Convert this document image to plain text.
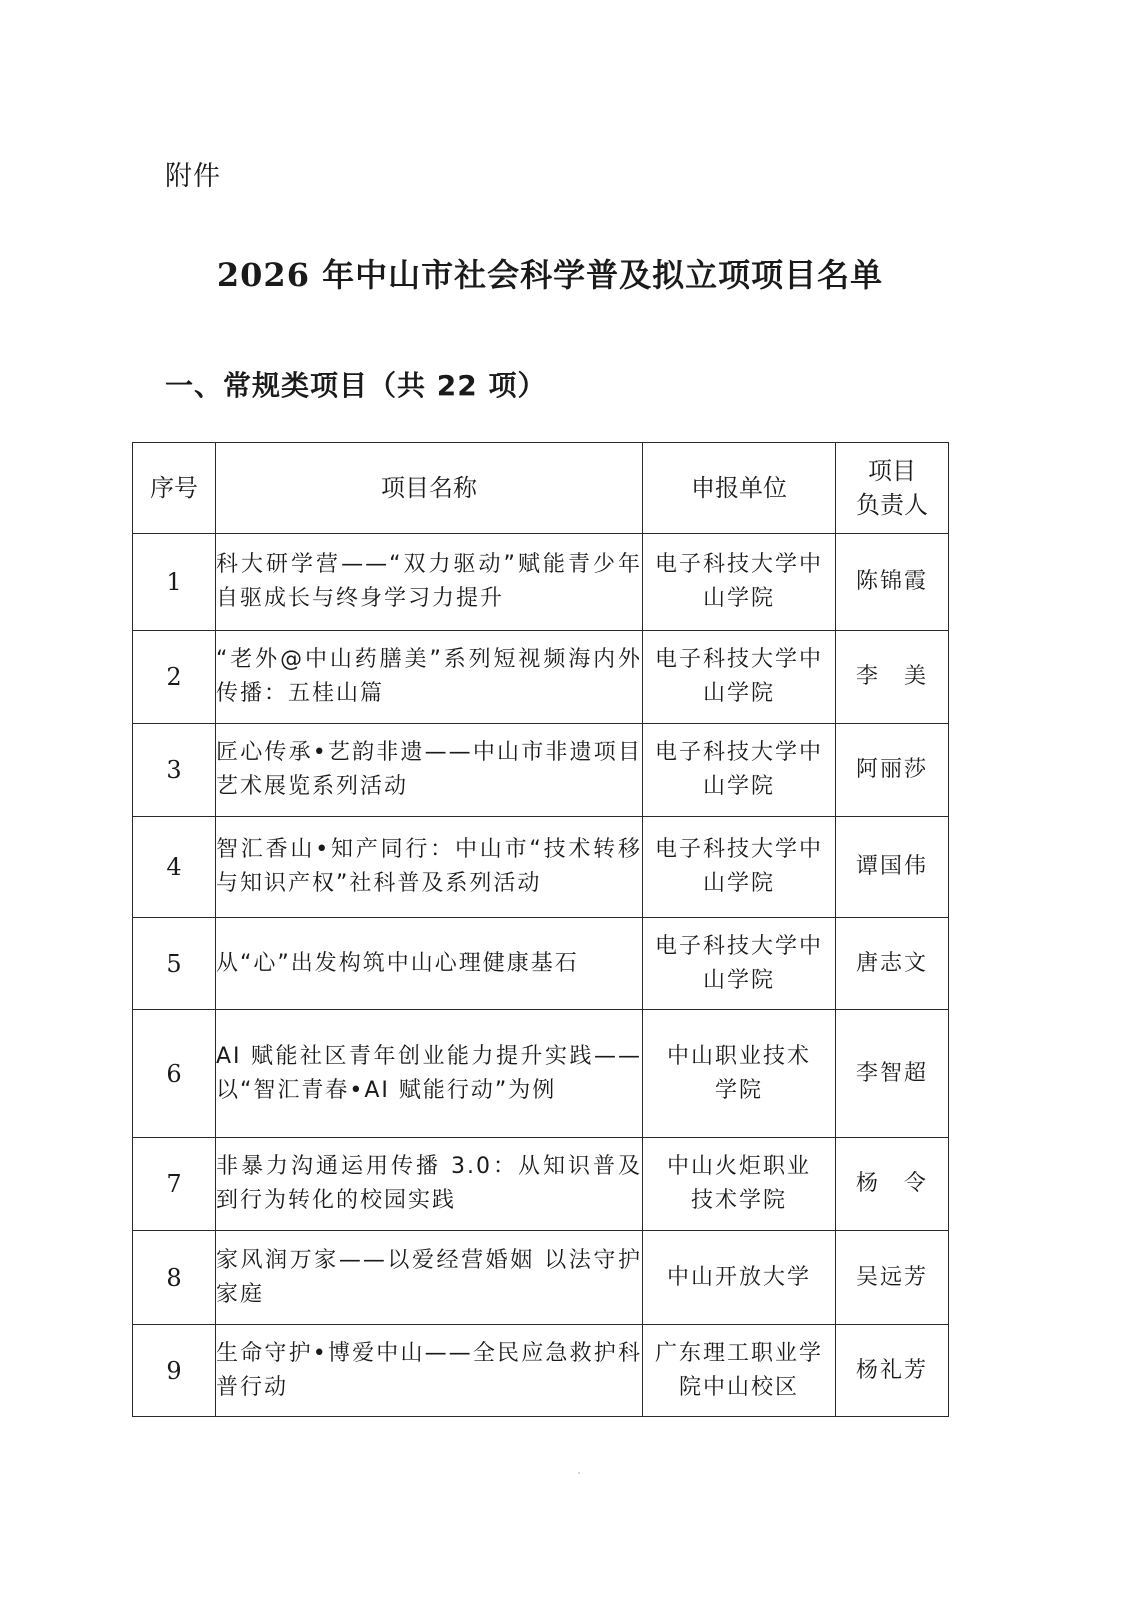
附件
2026 年中山市社会科学普及拟立项项目名单
一、常规类项目（共 22 项）
序号	项目名称	申报单位	项目
负责人

1	科大研学营——“双力驱动”赋能青少年自驱成长与终身学习力提升	电子科技大学中山学院	陈锦霞
2	“老外@中山药膳美”系列短视频海内外传播：五桂山篇	电子科技大学中山学院	李　美
3	匠心传承•艺韵非遗——中山市非遗项目艺术展览系列活动	电子科技大学中山学院	阿丽莎
4	智汇香山•知产同行：中山市“技术转移与知识产权”社科普及系列活动	电子科技大学中山学院	谭国伟
5	从“心”出发构筑中山心理健康基石	电子科技大学中山学院	唐志文
6	AI 赋能社区青年创业能力提升实践——以“智汇青春•AI 赋能行动”为例	中山职业技术学院	李智超
7	非暴力沟通运用传播 3.0：从知识普及到行为转化的校园实践	中山火炬职业技术学院	杨　令
8	家风润万家——以爱经营婚姻 以法守护家庭	中山开放大学	吴远芳
9	生命守护•博爱中山——全民应急救护科普行动	广东理工职业学院中山校区	杨礼芳
